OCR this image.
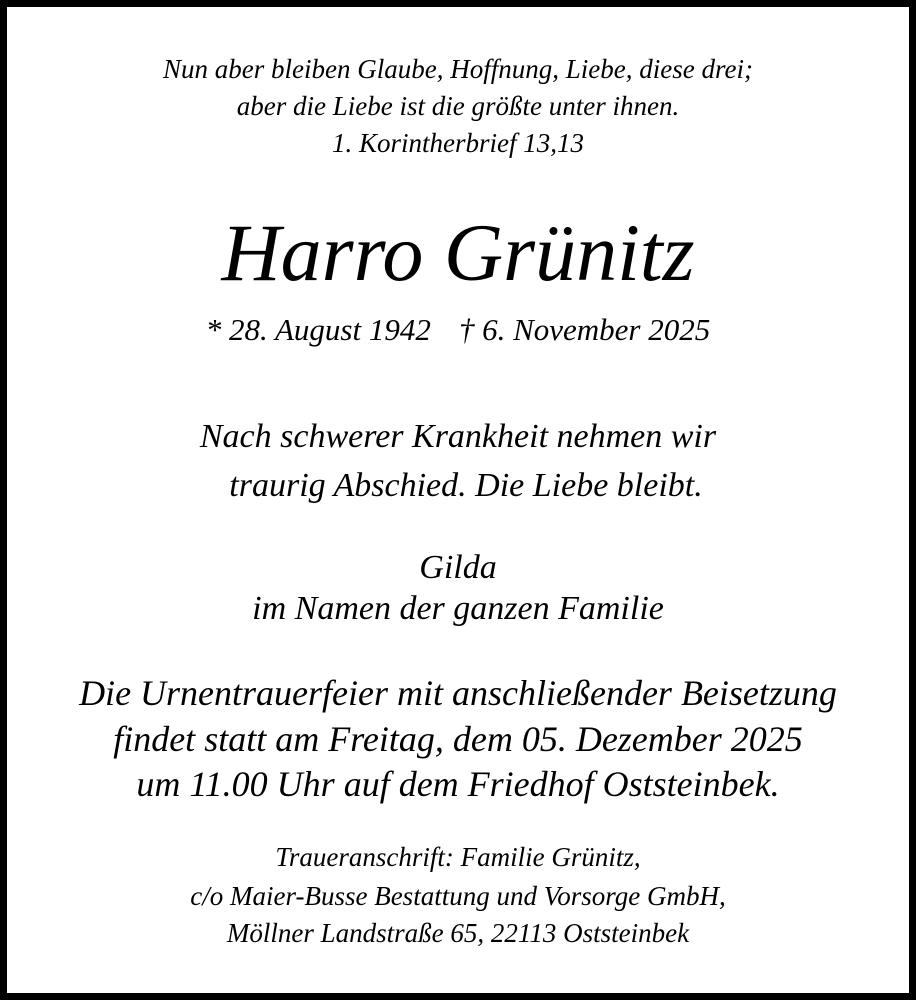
Nun aber bleiben Glaube, Hoffnung, Liebe, diese drei;
aber die Liebe ist die größte unter ihnen.
1. Korintherbrief 13,13
Harro Grünitz
* 28. August 1942 † 6. November 2025
Nach schwerer Krankheit nehmen wir
traurig Abschied. Die Liebe bleibt.
Gilda
im Namen der ganzen Familie
Die Urnentrauerfeier mit anschließender Beisetzung
findet statt am Freitag, dem 05. Dezember 2025
um 11.00 Uhr auf dem Friedhof Oststeinbek.
Traueranschrift: Familie Grünitz,
c/o Maier-Busse Bestattung und Vorsorge GmbH,
Möllner Landstraße 65, 22113 Oststeinbek
